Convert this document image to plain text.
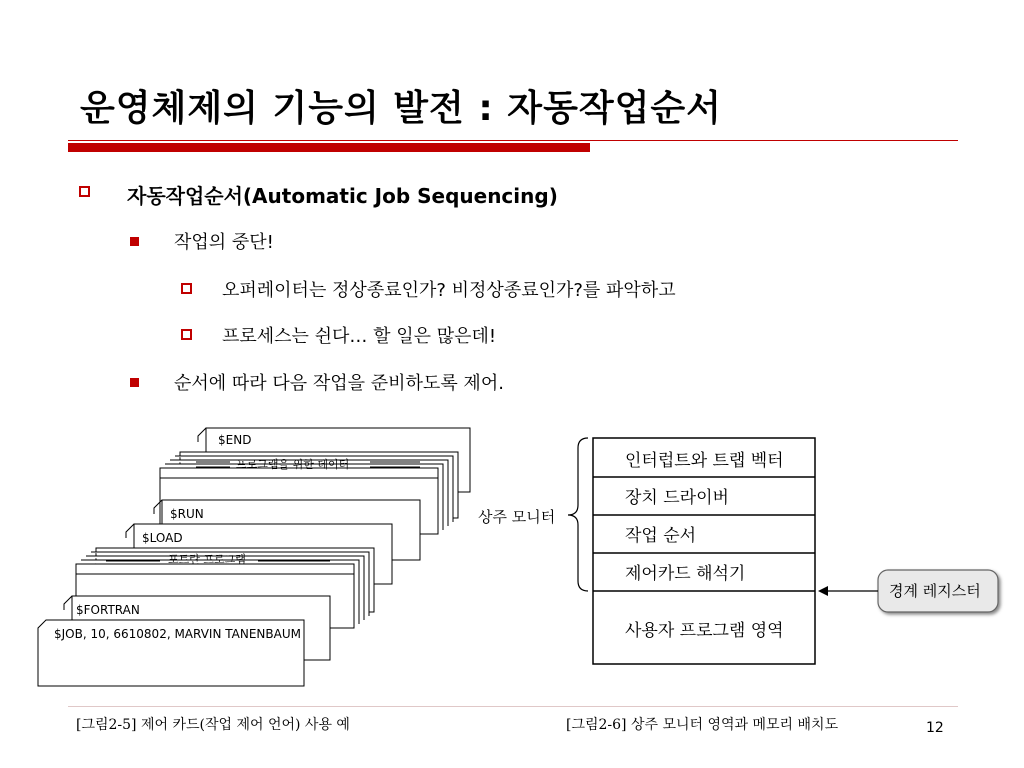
운영체제의 기능의 발전 : 자동작업순서
자동작업순서(Automatic Job Sequencing)
작업의 중단!
오퍼레이터는 정상종료인가? 비정상종료인가?를 파악하고
프로세스는 쉰다… 할 일은 많은데!
순서에 따라 다음 작업을 준비하도록 제어.
$END
프로그램을 위한 데이터
$RUN
$LOAD
포트란 프로그램
$FORTRAN
$JOB, 10, 6610802, MARVIN TANENBAUM
인터럽트와 트랩 벡터
장치 드라이버
작업 순서
제어카드 해석기
사용자 프로그램 영역
상주 모니터
경계 레지스터
[그림2-5] 제어 카드(작업 제어 언어) 사용 예	[그림2-6] 상주 모니터 영역과 메모리 배치도	12
